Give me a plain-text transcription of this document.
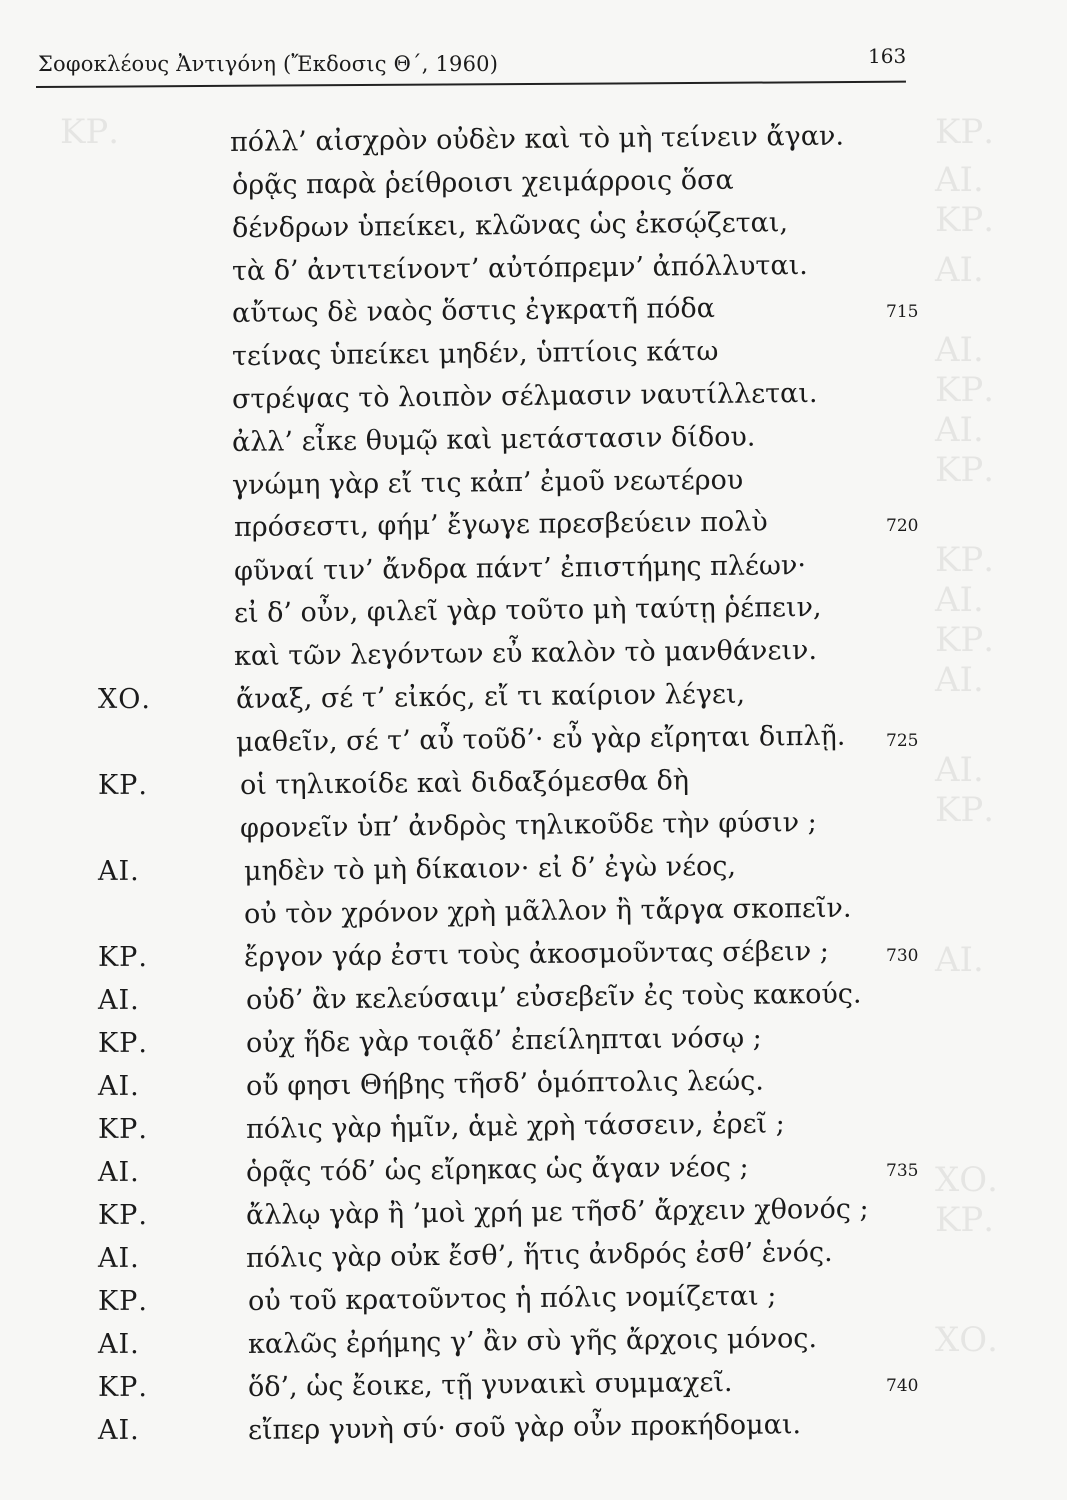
ΚΡ.	ΚΡ.
ΑΙ.
ΚΡ.
ΑΙ.
ΑΙ.
ΚΡ.
ΑΙ.
ΚΡ.
ΚΡ.
ΑΙ.
ΚΡ.
ΑΙ.
ΑΙ.
ΚΡ.
ΑΙ.
ΧΟ.
ΚΡ.
ΧΟ.
Σοφοκλέους Ἀντιγόνη (Ἔκδοσις Θ΄, 1960)	163
πόλλ’ αἰσχρὸν οὐδὲν καὶ τὸ μὴ τείνειν ἄγαν.
ὁρᾷς παρὰ ῥείθροισι χειμάρροις ὅσα
δένδρων ὑπείκει, κλῶνας ὡς ἐκσῴζεται,
τὰ δ’ ἀντιτείνοντ’ αὐτόπρεμν’ ἀπόλλυται.
αὔτως δὲ ναὸς ὅστις ἐγκρατῆ πόδα	715
τείνας ὑπείκει μηδέν, ὑπτίοις κάτω
στρέψας τὸ λοιπὸν σέλμασιν ναυτίλλεται.
ἀλλ’ εἶκε θυμῷ καὶ μετάστασιν δίδου.
γνώμη γὰρ εἴ τις κἀπ’ ἐμοῦ νεωτέρου
πρόσεστι, φήμ’ ἔγωγε πρεσβεύειν πολὺ	720
φῦναί τιν’ ἄνδρα πάντ’ ἐπιστήμης πλέων·
εἰ δ’ οὖν, φιλεῖ γὰρ τοῦτο μὴ ταύτῃ ῥέπειν,
καὶ τῶν λεγόντων εὖ καλὸν τὸ μανθάνειν.
ΧΟ.	ἄναξ, σέ τ’ εἰκός, εἴ τι καίριον λέγει,
μαθεῖν, σέ τ’ αὖ τοῦδ’· εὖ γὰρ εἴρηται διπλῇ. 725
ΚΡ.	οἱ τηλικοίδε καὶ διδαξόμεσθα δὴ
φρονεῖν ὑπ’ ἀνδρὸς τηλικοῦδε τὴν φύσιν ;
ΑΙ.	μηδὲν τὸ μὴ δίκαιον· εἰ δ’ ἐγὼ νέος,
οὐ τὸν χρόνον χρὴ μᾶλλον ἢ τἄργα σκοπεῖν.
ΚΡ.	ἔργον γάρ ἐστι τοὺς ἀκοσμοῦντας σέβειν ;	730
ΑΙ.	οὐδ’ ἂν κελεύσαιμ’ εὐσεβεῖν ἐς τοὺς κακούς.
ΚΡ.	οὐχ ἥδε γὰρ τοιᾷδ’ ἐπείληπται νόσῳ ;
ΑΙ.	οὔ φησι Θήβης τῆσδ’ ὁμόπτολις λεώς.
ΚΡ.	πόλις γὰρ ἡμῖν, ἁμὲ χρὴ τάσσειν, ἐρεῖ ;
ΑΙ.	ὁρᾷς τόδ’ ὡς εἴρηκας ὡς ἄγαν νέος ;	735
ΚΡ.	ἄλλῳ γὰρ ἢ ’μοὶ χρή με τῆσδ’ ἄρχειν χθονός ;
ΑΙ.	πόλις γὰρ οὐκ ἔσθ’, ἥτις ἀνδρός ἐσθ’ ἑνός.
ΚΡ.	οὐ τοῦ κρατοῦντος ἡ πόλις νομίζεται ;
ΑΙ.	καλῶς ἐρήμης γ’ ἂν σὺ γῆς ἄρχοις μόνος.
ΚΡ.	ὅδ’, ὡς ἔοικε, τῇ γυναικὶ συμμαχεῖ.	740
ΑΙ.	εἴπερ γυνὴ σύ· σοῦ γὰρ οὖν προκήδομαι.
